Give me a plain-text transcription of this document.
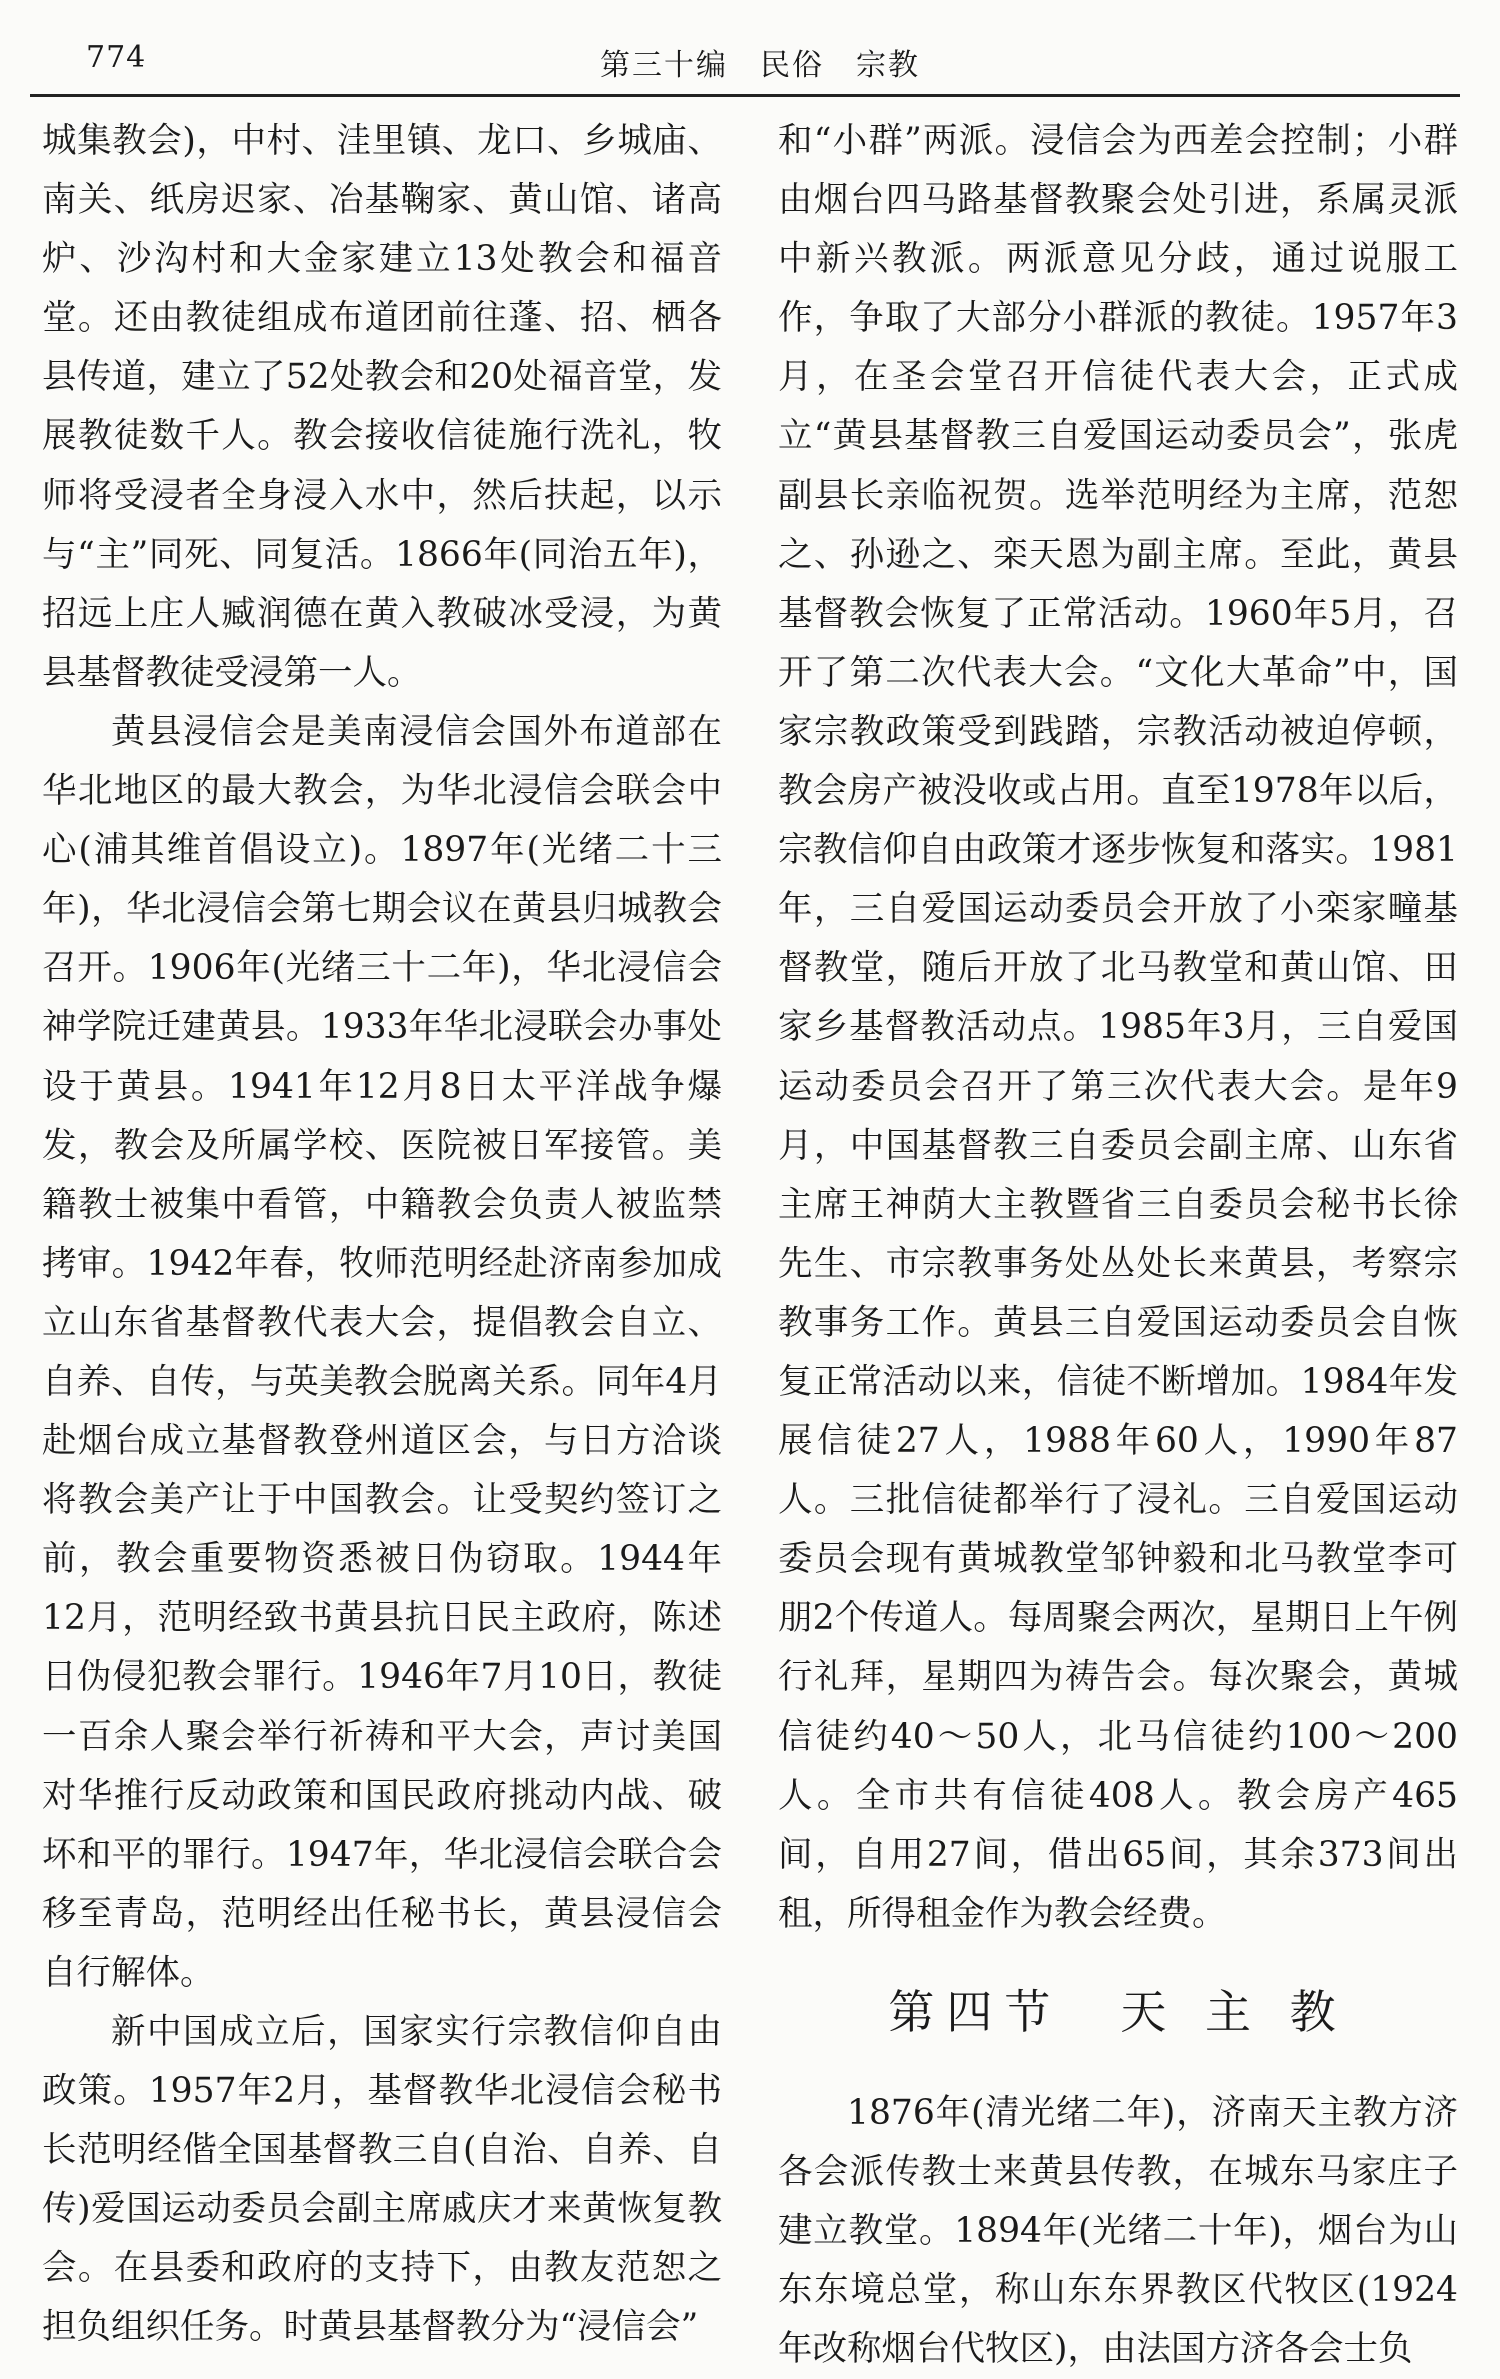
774	第三十编　民俗　宗教

城集教会)，中村、洼里镇、龙口、乡城庙、南关、纸房迟家、冶基鞠家、黄山馆、诸高炉、沙沟村和大金家建立13处教会和福音堂。还由教徒组成布道团前往蓬、招、栖各县传道，建立了52处教会和20处福音堂，发展教徒数千人。教会接收信徒施行洗礼，牧师将受浸者全身浸入水中，然后扶起，以示与“主”同死、同复活。1866年(同治五年)，招远上庄人臧润德在黄入教破冰受浸，为黄县基督教徒受浸第一人。

黄县浸信会是美南浸信会国外布道部在华北地区的最大教会，为华北浸信会联会中心(浦其维首倡设立)。1897年(光绪二十三年)，华北浸信会第七期会议在黄县归城教会召开。1906年(光绪三十二年)，华北浸信会神学院迁建黄县。1933年华北浸联会办事处设于黄县。1941年12月8日太平洋战争爆发，教会及所属学校、医院被日军接管。美籍教士被集中看管，中籍教会负责人被监禁拷审。1942年春，牧师范明经赴济南参加成立山东省基督教代表大会，提倡教会自立、自养、自传，与英美教会脱离关系。同年4月赴烟台成立基督教登州道区会，与日方洽谈将教会美产让于中国教会。让受契约签订之前，教会重要物资悉被日伪窃取。1944年12月，范明经致书黄县抗日民主政府，陈述日伪侵犯教会罪行。1946年7月10日，教徒一百余人聚会举行祈祷和平大会，声讨美国对华推行反动政策和国民政府挑动内战、破坏和平的罪行。1947年，华北浸信会联合会移至青岛，范明经出任秘书长，黄县浸信会自行解体。

新中国成立后，国家实行宗教信仰自由政策。1957年2月，基督教华北浸信会秘书长范明经偕全国基督教三自(自治、自养、自传)爱国运动委员会副主席戚庆才来黄恢复教会。在县委和政府的支持下，由教友范恕之担负组织任务。时黄县基督教分为“浸信会”

和“小群”两派。浸信会为西差会控制；小群由烟台四马路基督教聚会处引进，系属灵派中新兴教派。两派意见分歧，通过说服工作，争取了大部分小群派的教徒。1957年3月，在圣会堂召开信徒代表大会，正式成立“黄县基督教三自爱国运动委员会”，张虎副县长亲临祝贺。选举范明经为主席，范恕之、孙逊之、栾天恩为副主席。至此，黄县基督教会恢复了正常活动。1960年5月，召开了第二次代表大会。“文化大革命”中，国家宗教政策受到践踏，宗教活动被迫停顿，教会房产被没收或占用。直至1978年以后，宗教信仰自由政策才逐步恢复和落实。1981年，三自爱国运动委员会开放了小栾家疃基督教堂，随后开放了北马教堂和黄山馆、田家乡基督教活动点。1985年3月，三自爱国运动委员会召开了第三次代表大会。是年9月，中国基督教三自委员会副主席、山东省主席王神荫大主教暨省三自委员会秘书长徐先生、市宗教事务处丛处长来黄县，考察宗教事务工作。黄县三自爱国运动委员会自恢复正常活动以来，信徒不断增加。1984年发展信徒27人，1988年60人，1990年87人。三批信徒都举行了浸礼。三自爱国运动委员会现有黄城教堂邹钟毅和北马教堂李可朋2个传道人。每周聚会两次，星期日上午例行礼拜，星期四为祷告会。每次聚会，黄城信徒约40～50人，北马信徒约100～200人。全市共有信徒408人。教会房产465间，自用27间，借出65间，其余373间出租，所得租金作为教会经费。

第四节　天 主 教

1876年(清光绪二年)，济南天主教方济各会派传教士来黄县传教，在城东马家庄子建立教堂。1894年(光绪二十年)，烟台为山东东境总堂，称山东东界教区代牧区(1924年改称烟台代牧区)，由法国方济各会士负
